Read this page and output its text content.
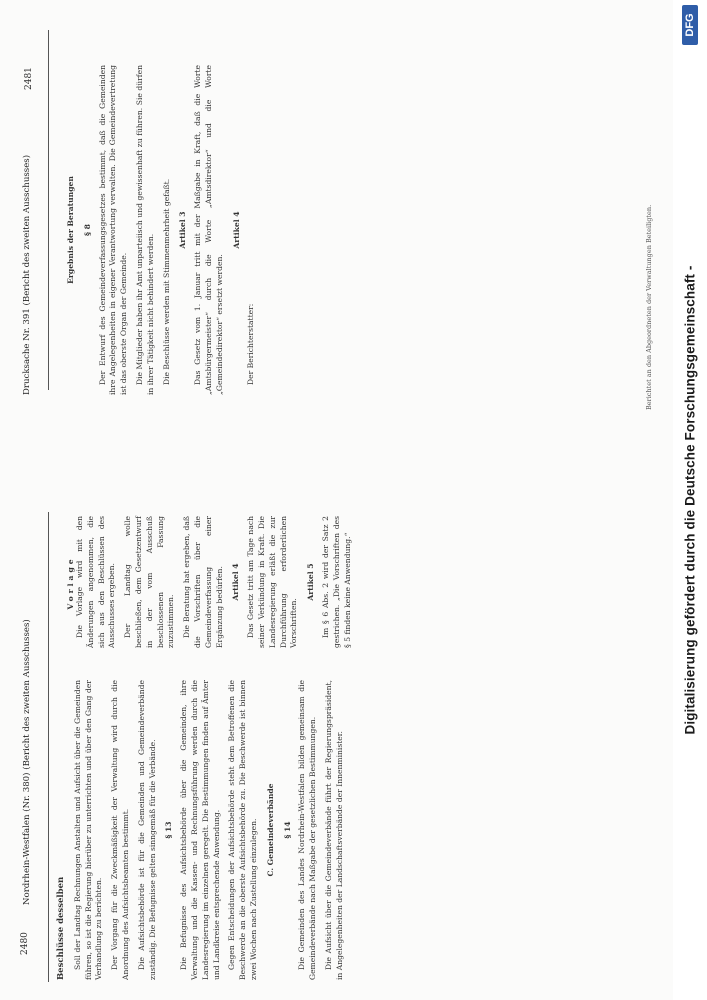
2480
Nordrhein-Westfalen (Nr. 380) (Bericht des zweiten Ausschusses)
Beschlüsse desselben Soll der Landtag Rechnungen Anstalten und Aufsicht über die Gemeinden führen, so ist die Regierung hierüber zu unterrichten und über den Gang der Verhandlung zu berichten. Der Vorgang für die Zweckmäßigkeit der Verwaltung wird durch die Anordnung des Aufsichtsbeamten bestimmt. Die Aufsichtsbehörde ist für die Gemeinden und Gemeindeverbände zuständig. Die Befugnisse gelten sinngemäß für die Verbände. § 13 Die Befugnisse des Aufsichtsbehörde über die Gemeinden, ihre Verwaltung und die Kassen- und Rechnungsführung werden durch die Landesregierung im einzelnen geregelt. Die Bestimmungen finden auf Ämter und Landkreise entsprechende Anwendung. Gegen Entscheidungen der Aufsichtsbehörde steht dem Betroffenen die Beschwerde an die oberste Aufsichtsbehörde zu. Die Beschwerde ist binnen zwei Wochen nach Zustellung einzulegen. C. Gemeindeverbände § 14 Die Gemeinden des Landes Nordrhein-Westfalen bilden gemeinsam die Gemeindeverbände nach Maßgabe der gesetzlichen Bestimmungen. Die Aufsicht über die Gemeindeverbände führt der Regierungspräsident, in Angelegenheiten der Landschaftsverbände der Innenminister.

Vorlage Die Vorlage wird mit den Änderungen angenommen, die sich aus den Beschlüssen des Ausschusses ergeben. Der Landtag wolle beschließen, dem Gesetzentwurf in der vom Ausschuß beschlossenen Fassung zuzustimmen. Die Beratung hat ergeben, daß die Vorschriften über die Gemeindeverfassung einer Ergänzung bedürfen. Artikel 4 Das Gesetz tritt am Tage nach seiner Verkündung in Kraft. Die Landesregierung erläßt die zur Durchführung erforderlichen Vorschriften.

Artikel 5 Im § 6 Abs. 2 wird der Satz 2 gestrichen. „Die Vorschriften des § 5 finden keine Anwendung.“

Drucksache Nr. 391 (Bericht des zweiten Ausschusses)
2481
Ergebnis der Beratungen § 8 Der Entwurf des Gemeindeverfassungsgesetzes bestimmt, daß die Gemeinden ihre Angelegenheiten in eigener Verantwortung verwalten. Die Gemeindevertretung ist das oberste Organ der Gemeinde. Die Mitglieder haben ihr Amt unparteiisch und gewissenhaft zu führen. Sie dürfen in ihrer Tätigkeit nicht behindert werden. Die Beschlüsse werden mit Stimmenmehrheit gefaßt. Artikel 3 Das Gesetz vom 1. Januar tritt mit der Maßgabe in Kraft, daß die Worte „Amtsbürgermeister“ durch die Worte „Amtsdirektor“ und die Worte „Gemeindedirektor“ ersetzt werden.

Artikel 4

Der Berichterstatter:	Berichtet an den Abgeordneten der Verwaltungen Beteiligten.
DFG
Digitalisierung gefördert durch die Deutsche Forschungsgemeinschaft -
